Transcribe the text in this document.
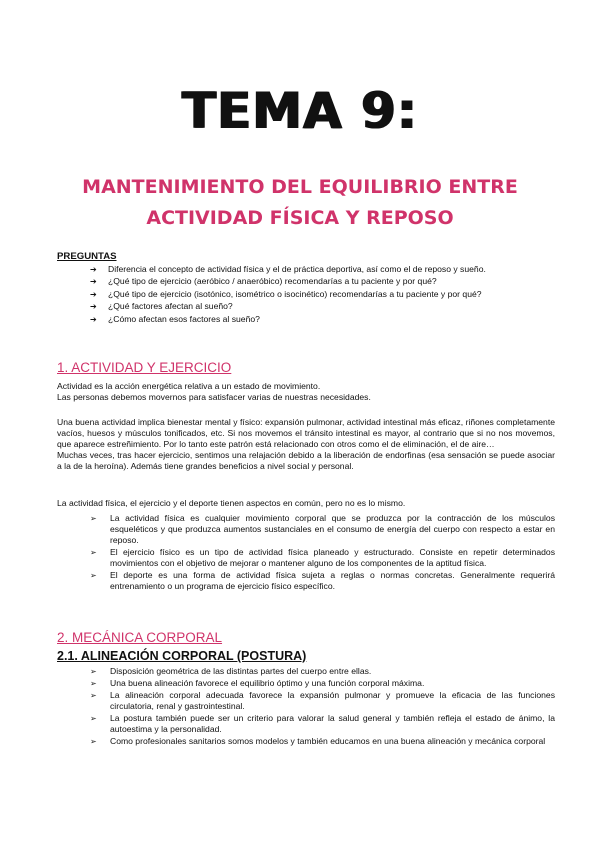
TEMA 9:
MANTENIMIENTO DEL EQUILIBRIO ENTRE
ACTIVIDAD FÍSICA Y REPOSO
PREGUNTAS
➔ Diferencia el concepto de actividad física y el de práctica deportiva, así como el de reposo y sueño.
➔ ¿Qué tipo de ejercicio (aeróbico / anaeróbico) recomendarías a tu paciente y por qué?
➔ ¿Qué tipo de ejercicio (isotónico, isométrico o isocinético) recomendarías a tu paciente y por qué?
➔ ¿Qué factores afectan al sueño?
➔ ¿Cómo afectan esos factores al sueño?
1. ACTIVIDAD Y EJERCICIO
Actividad es la acción energética relativa a un estado de movimiento.
Las personas debemos movernos para satisfacer varias de nuestras necesidades.
Una buena actividad implica bienestar mental y físico: expansión pulmonar, actividad intestinal más eficaz, riñones completamente vacíos, huesos y músculos tonificados, etc. Si nos movemos el tránsito intestinal es mayor, al contrario que si no nos movemos, que aparece estreñimiento. Por lo tanto este patrón está relacionado con otros como el de eliminación, el de aire…
Muchas veces, tras hacer ejercicio, sentimos una relajación debido a la liberación de endorfinas (esa sensación se puede asociar a la de la heroína). Además tiene grandes beneficios a nivel social y personal.
La actividad física, el ejercicio y el deporte tienen aspectos en común, pero no es lo mismo.
➢ La actividad física es cualquier movimiento corporal que se produzca por la contracción de los músculos esqueléticos y que produzca aumentos sustanciales en el consumo de energía del cuerpo con respecto a estar en reposo.
➢ El ejercicio físico es un tipo de actividad física planeado y estructurado. Consiste en repetir determinados movimientos con el objetivo de mejorar o mantener alguno de los componentes de la aptitud física.
➢ El deporte es una forma de actividad física sujeta a reglas o normas concretas. Generalmente requerirá entrenamiento o un programa de ejercicio físico específico.
2. MECÁNICA CORPORAL
2.1. ALINEACIÓN CORPORAL (POSTURA)
➢ Disposición geométrica de las distintas partes del cuerpo entre ellas.
➢ Una buena alineación favorece el equilibrio óptimo y una función corporal máxima.
➢ La alineación corporal adecuada favorece la expansión pulmonar y promueve la eficacia de las funciones circulatoria, renal y gastrointestinal.
➢ La postura también puede ser un criterio para valorar la salud general y también refleja el estado de ánimo, la autoestima y la personalidad.
➢ Como profesionales sanitarios somos modelos y también educamos en una buena alineación y mecánica corporal
